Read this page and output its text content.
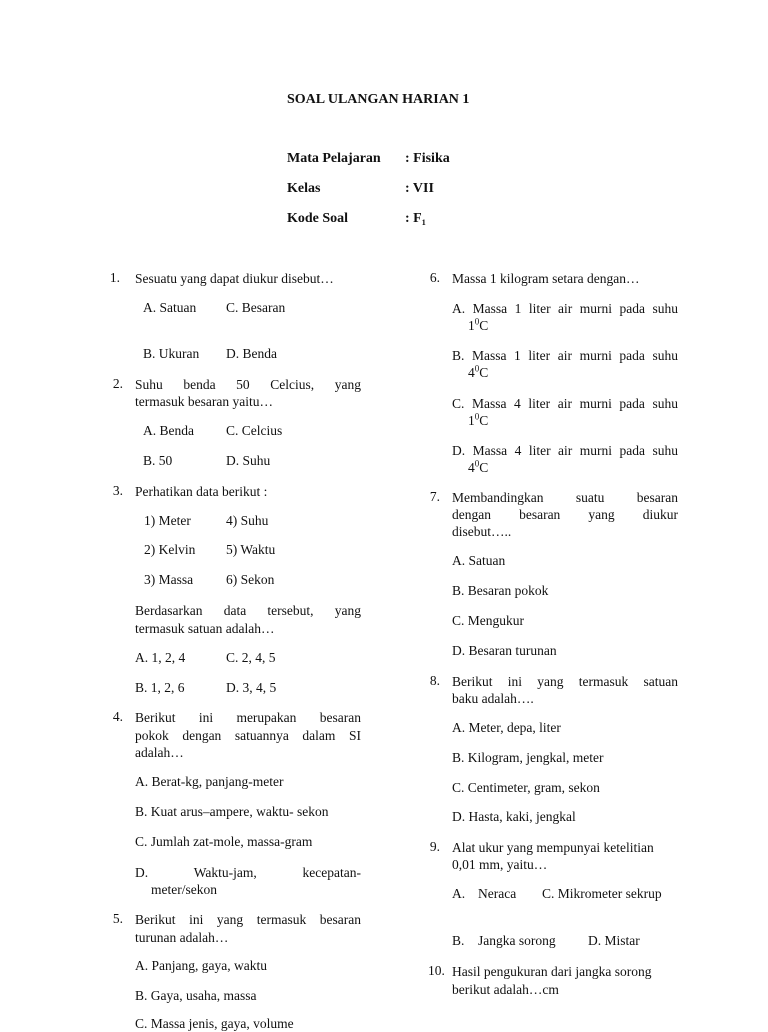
SOAL ULANGAN HARIAN 1
Mata Pelajaran : Fisika
Kelas	: VII
Kode Soal	: F₁
1. Sesuatu yang dapat diukur disebut…
A. Satuan C. Besaran
B. Ukuran D. Benda
2. Suhu benda 50 Celcius, yang
termasuk besaran yaitu…
A. Benda C. Celcius
B. 50	D. Suhu
3. Perhatikan data berikut :
1) Meter	4) Suhu
2) Kelvin 5) Waktu
3) Massa 6) Sekon
Berdasarkan data tersebut, yang
termasuk satuan adalah…
A. 1, 2, 4	C. 2, 4, 5
B. 1, 2, 6	D. 3, 4, 5
4. Berikut ini merupakan besaran
pokok dengan satuannya dalam SI
adalah…
A. Berat-kg, panjang-meter
B. Kuat arus–ampere, waktu- sekon
C. Jumlah zat-mole, massa-gram
D. Waktu-jam, kecepatan-
meter/sekon
5. Berikut ini yang termasuk besaran
turunan adalah…
A. Panjang, gaya, waktu
B. Gaya, usaha, massa
C. Massa jenis, gaya, volume
6. Massa 1 kilogram setara dengan…
A. Massa 1 liter air murni pada suhu
$1^0C$
B. Massa 1 liter air murni pada suhu
$4^0C$
C. Massa 4 liter air murni pada suhu
$1^0C$
D. Massa 4 liter air murni pada suhu
$4^0C$
7. Membandingkan suatu besaran
dengan besaran yang diukur
disebut…..
A. Satuan
B. Besaran pokok
C. Mengukur
D. Besaran turunan
8. Berikut ini yang termasuk satuan
baku adalah….
A. Meter, depa, liter
B. Kilogram, jengkal, meter
C. Centimeter, gram, sekon
D. Hasta, kaki, jengkal
9. Alat ukur yang mempunyai ketelitian
0,01 mm, yaitu…
A. Neraca C. Mikrometer sekrup
B. Jangka sorong D. Mistar
10. Hasil pengukuran dari jangka sorong
berikut adalah…cm
